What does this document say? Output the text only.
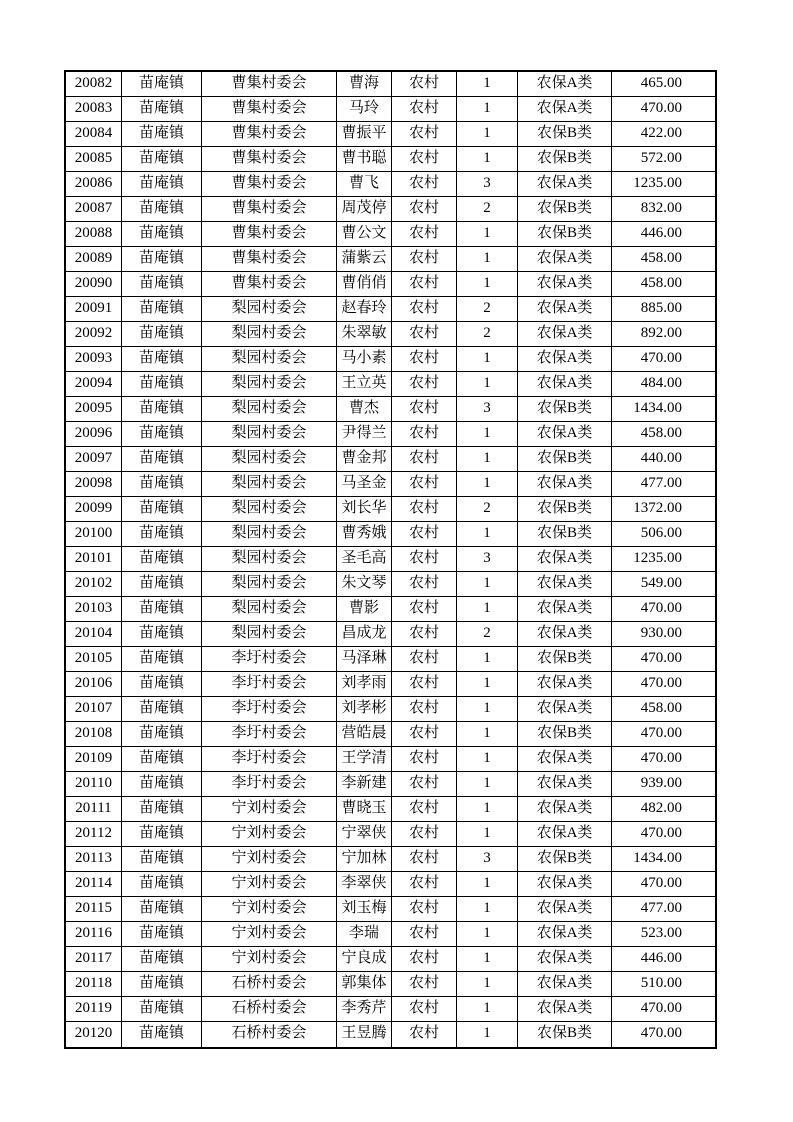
20082	苗庵镇	曹集村委会	曹海	农村	1	农保A类	465.00
20083	苗庵镇	曹集村委会	马玲	农村	1	农保A类	470.00
20084	苗庵镇	曹集村委会	曹振平	农村	1	农保B类	422.00
20085	苗庵镇	曹集村委会	曹书聪	农村	1	农保B类	572.00
20086	苗庵镇	曹集村委会	曹飞	农村	3	农保A类	1235.00
20087	苗庵镇	曹集村委会	周茂停	农村	2	农保B类	832.00
20088	苗庵镇	曹集村委会	曹公文	农村	1	农保B类	446.00
20089	苗庵镇	曹集村委会	蒲紫云	农村	1	农保A类	458.00
20090	苗庵镇	曹集村委会	曹俏俏	农村	1	农保A类	458.00
20091	苗庵镇	梨园村委会	赵春玲	农村	2	农保A类	885.00
20092	苗庵镇	梨园村委会	朱翠敏	农村	2	农保A类	892.00
20093	苗庵镇	梨园村委会	马小素	农村	1	农保A类	470.00
20094	苗庵镇	梨园村委会	王立英	农村	1	农保A类	484.00
20095	苗庵镇	梨园村委会	曹杰	农村	3	农保B类	1434.00
20096	苗庵镇	梨园村委会	尹得兰	农村	1	农保A类	458.00
20097	苗庵镇	梨园村委会	曹金邦	农村	1	农保B类	440.00
20098	苗庵镇	梨园村委会	马圣金	农村	1	农保A类	477.00
20099	苗庵镇	梨园村委会	刘长华	农村	2	农保B类	1372.00
20100	苗庵镇	梨园村委会	曹秀娥	农村	1	农保B类	506.00
20101	苗庵镇	梨园村委会	圣毛高	农村	3	农保A类	1235.00
20102	苗庵镇	梨园村委会	朱文琴	农村	1	农保A类	549.00
20103	苗庵镇	梨园村委会	曹影	农村	1	农保A类	470.00
20104	苗庵镇	梨园村委会	昌成龙	农村	2	农保A类	930.00
20105	苗庵镇	李圩村委会	马泽琳	农村	1	农保B类	470.00
20106	苗庵镇	李圩村委会	刘孝雨	农村	1	农保A类	470.00
20107	苗庵镇	李圩村委会	刘孝彬	农村	1	农保A类	458.00
20108	苗庵镇	李圩村委会	营皓晨	农村	1	农保B类	470.00
20109	苗庵镇	李圩村委会	王学清	农村	1	农保A类	470.00
20110	苗庵镇	李圩村委会	李新建	农村	1	农保A类	939.00
20111	苗庵镇	宁刘村委会	曹晓玉	农村	1	农保A类	482.00
20112	苗庵镇	宁刘村委会	宁翠侠	农村	1	农保A类	470.00
20113	苗庵镇	宁刘村委会	宁加林	农村	3	农保B类	1434.00
20114	苗庵镇	宁刘村委会	李翠侠	农村	1	农保A类	470.00
20115	苗庵镇	宁刘村委会	刘玉梅	农村	1	农保A类	477.00
20116	苗庵镇	宁刘村委会	李瑞	农村	1	农保A类	523.00
20117	苗庵镇	宁刘村委会	宁良成	农村	1	农保A类	446.00
20118	苗庵镇	石桥村委会	郭集体	农村	1	农保A类	510.00
20119	苗庵镇	石桥村委会	李秀芹	农村	1	农保A类	470.00
20120	苗庵镇	石桥村委会	王昱腾	农村	1	农保B类	470.00
